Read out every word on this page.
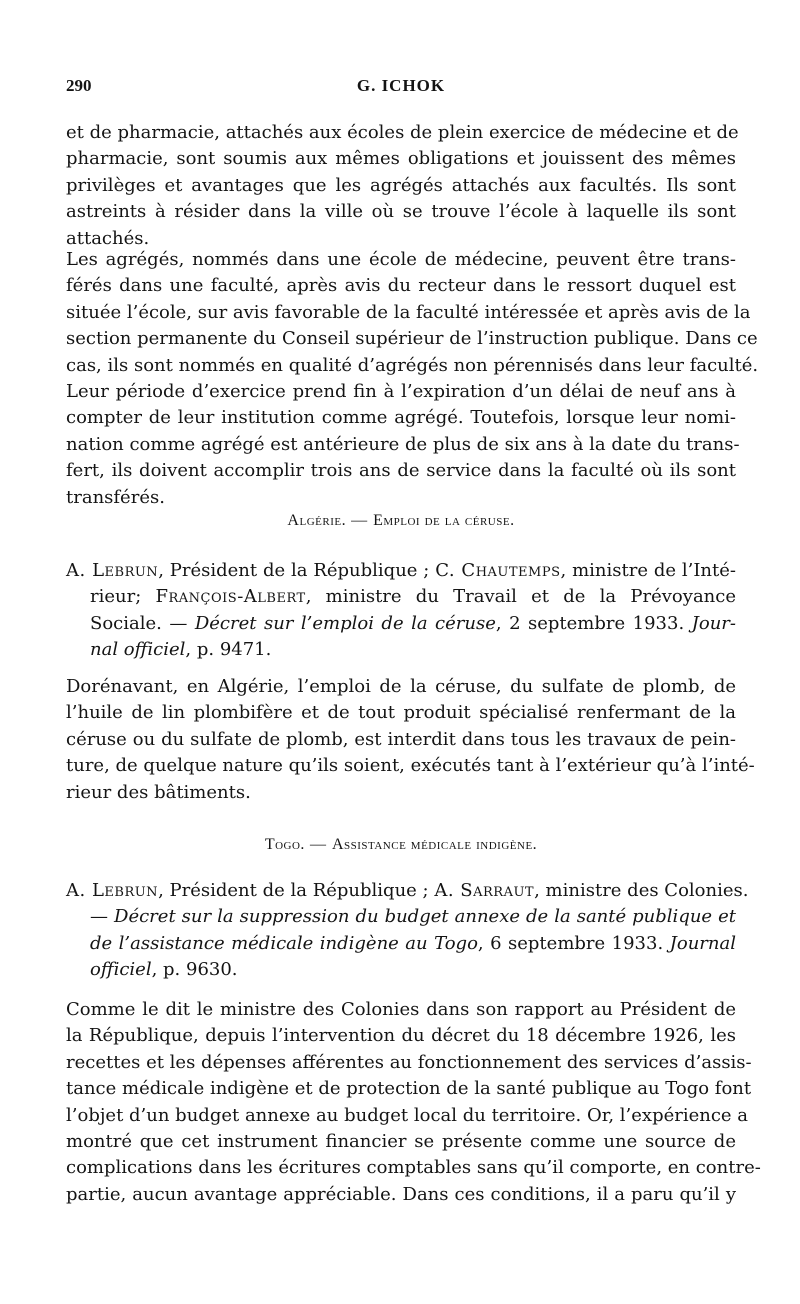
290	G. ICHOK
et de pharmacie, attachés aux écoles de plein exercice de médecine et de
pharmacie, sont soumis aux mêmes obligations et jouissent des mêmes
privilèges et avantages que les agrégés attachés aux facultés. Ils sont
astreints à résider dans la ville où se trouve l’école à laquelle ils sont
attachés.
Les agrégés, nommés dans une école de médecine, peuvent être trans-
férés dans une faculté, après avis du recteur dans le ressort duquel est
située l’école, sur avis favorable de la faculté intéressée et après avis de la
section permanente du Conseil supérieur de l’instruction publique. Dans ce
cas, ils sont nommés en qualité d’agrégés non pérennisés dans leur faculté.
Leur période d’exercice prend fin à l’expiration d’un délai de neuf ans à
compter de leur institution comme agrégé. Toutefois, lorsque leur nomi-
nation comme agrégé est antérieure de plus de six ans à la date du trans-
fert, ils doivent accomplir trois ans de service dans la faculté où ils sont
transférés.
Algérie. — Emploi de la céruse.
A. Lebrun, Président de la République ; C. Chautemps, ministre de l’Inté-
rieur; François-Albert, ministre du Travail et de la Prévoyance
Sociale. — Décret sur l’emploi de la céruse, 2 septembre 1933. Jour-
nal officiel, p. 9471.
Dorénavant, en Algérie, l’emploi de la céruse, du sulfate de plomb, de
l’huile de lin plombifère et de tout produit spécialisé renfermant de la
céruse ou du sulfate de plomb, est interdit dans tous les travaux de pein-
ture, de quelque nature qu’ils soient, exécutés tant à l’extérieur qu’à l’inté-
rieur des bâtiments.
Togo. — Assistance médicale indigène.
A. Lebrun, Président de la République ; A. Sarraut, ministre des Colonies.
— Décret sur la suppression du budget annexe de la santé publique et
de l’assistance médicale indigène au Togo, 6 septembre 1933. Journal
officiel, p. 9630.
Comme le dit le ministre des Colonies dans son rapport au Président de
la République, depuis l’intervention du décret du 18 décembre 1926, les
recettes et les dépenses afférentes au fonctionnement des services d’assis-
tance médicale indigène et de protection de la santé publique au Togo font
l’objet d’un budget annexe au budget local du territoire. Or, l’expérience a
montré que cet instrument financier se présente comme une source de
complications dans les écritures comptables sans qu’il comporte, en contre-
partie, aucun avantage appréciable. Dans ces conditions, il a paru qu’il y
